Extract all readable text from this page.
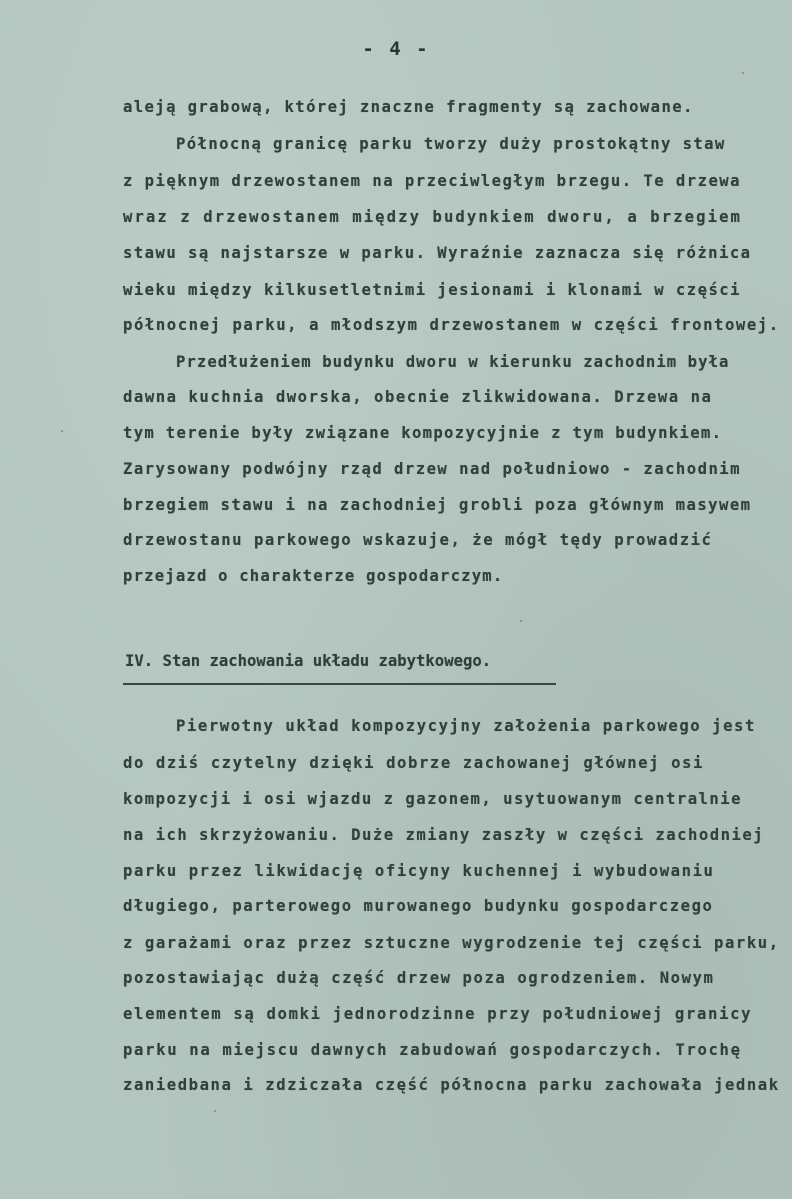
- 4 -
aleją grabową, której znaczne fragmenty są zachowane.
Północną granicę parku tworzy duży prostokątny staw
z pięknym drzewostanem na przeciwległym brzegu. Te drzewa
wraz z drzewostanem między budynkiem dworu, a brzegiem
stawu są najstarsze w parku. Wyraźnie zaznacza się różnica
wieku między kilkusetletnimi jesionami i klonami w części
północnej parku, a młodszym drzewostanem w części frontowej.
Przedłużeniem budynku dworu w kierunku zachodnim była
dawna kuchnia dworska, obecnie zlikwidowana. Drzewa na
tym terenie były związane kompozycyjnie z tym budynkiem.
Zarysowany podwójny rząd drzew nad południowo - zachodnim
brzegiem stawu i na zachodniej grobli poza głównym masywem
drzewostanu parkowego wskazuje, że mógł tędy prowadzić
przejazd o charakterze gospodarczym.
IV. Stan zachowania układu zabytkowego.
Pierwotny układ kompozycyjny założenia parkowego jest
do dziś czytelny dzięki dobrze zachowanej głównej osi
kompozycji i osi wjazdu z gazonem, usytuowanym centralnie
na ich skrzyżowaniu. Duże zmiany zaszły w części zachodniej
parku przez likwidację oficyny kuchennej i wybudowaniu
długiego, parterowego murowanego budynku gospodarczego
z garażami oraz przez sztuczne wygrodzenie tej części parku,
pozostawiając dużą część drzew poza ogrodzeniem. Nowym
elementem są domki jednorodzinne przy południowej granicy
parku na miejscu dawnych zabudowań gospodarczych. Trochę
zaniedbana i zdziczała część północna parku zachowała jednak
